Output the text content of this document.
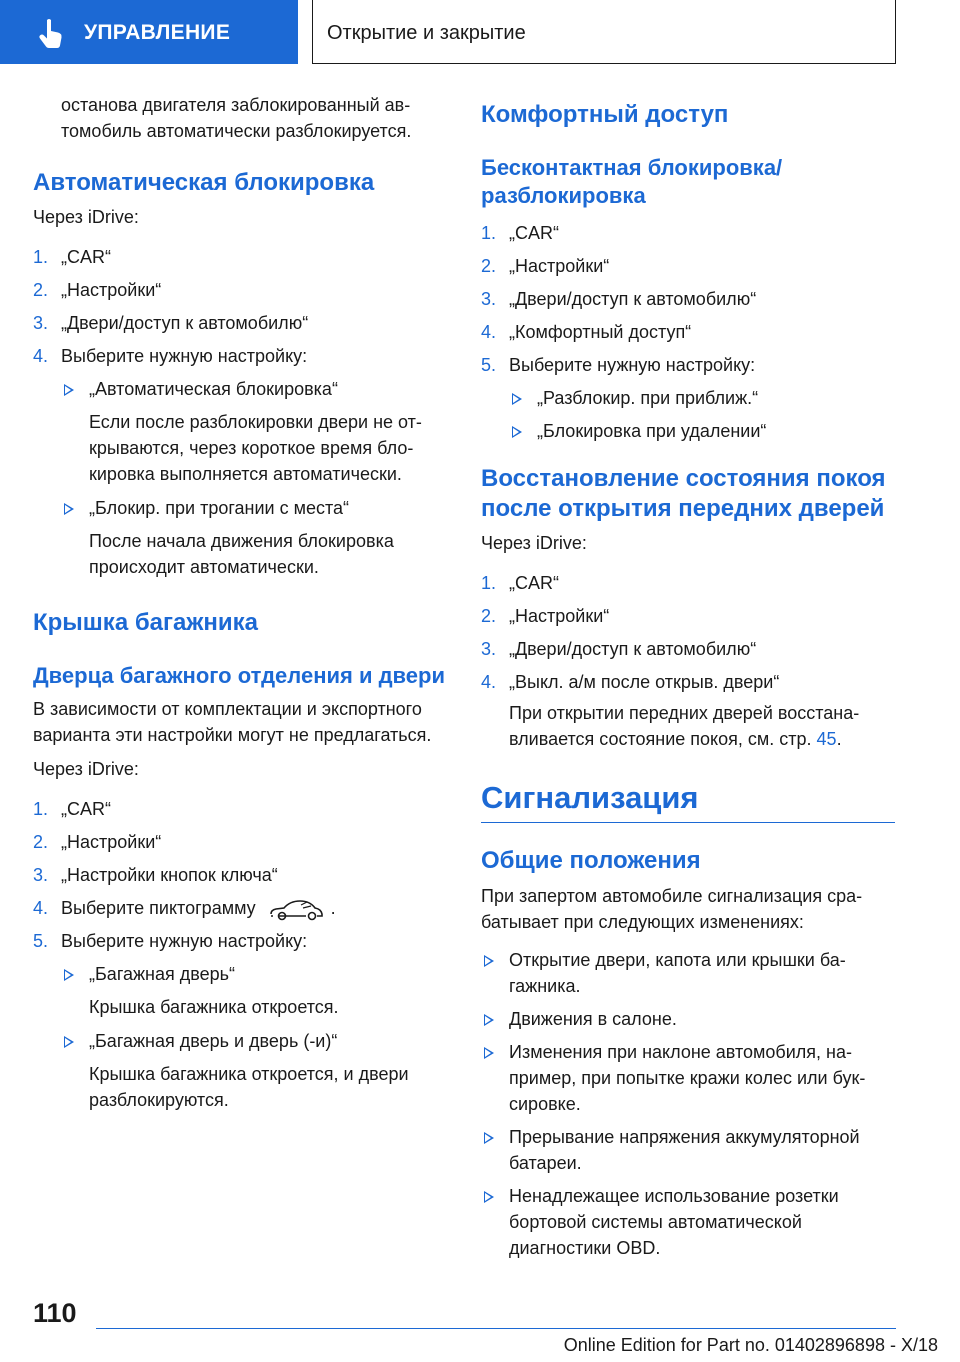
УПРАВЛЕНИЕ	Открытие и закрытие

останова двигателя заблокированный автомобиль автоматически разблокируется.

Автоматическая блокировка

Через iDrive:

1. „CAR“
2. „Настройки“
3. „Двери/доступ к автомобилю“
4. Выберите нужную настройку:
„Автоматическая блокировка“

Если после разблокировки двери не открываются, через короткое время блокировка выполняется автоматически.

„Блокир. при трогании с места“

После начала движения блокировка происходит автоматически.

Крышка багажника
Дверца багажного отделения и двери

В зависимости от комплектации и экспортного варианта эти настройки могут не предлагаться.

Через iDrive:

1. „CAR“
2. „Настройки“
3. „Настройки кнопок ключа“
4. Выберите пиктограмму	.
5. Выберите нужную настройку:
„Багажная дверь“

Крышка багажника откроется.

„Багажная дверь и дверь (-и)“

Крышка багажника откроется, и двери разблокируются.

Комфортный доступ
Бесконтактная блокировка/ разблокировка
1. „CAR“
2. „Настройки“
3. „Двери/доступ к автомобилю“
4. „Комфортный доступ“
5. Выберите нужную настройку:
„Разблокир. при приближ.“
„Блокировка при удалении“
Восстановление состояния покоя после открытия передних дверей

Через iDrive:

1. „CAR“
2. „Настройки“
3. „Двери/доступ к автомобилю“
4. „Выкл. а/м после открыв. двери“

При открытии передних дверей восстанавливается состояние покоя, см. стр. 45.

Сигнализация
Общие положения

При запертом автомобиле сигнализация срабатывает при следующих изменениях:

Открытие двери, капота или крышки багажника.
Движения в салоне.
Изменения при наклоне автомобиля, например, при попытке кражи колес или буксировке.
Прерывание напряжения аккумуляторной батареи.
Ненадлежащее использование розетки бортовой системы автоматической диагностики OBD.
110
Online Edition for Part no. 01402896898 - X/18
